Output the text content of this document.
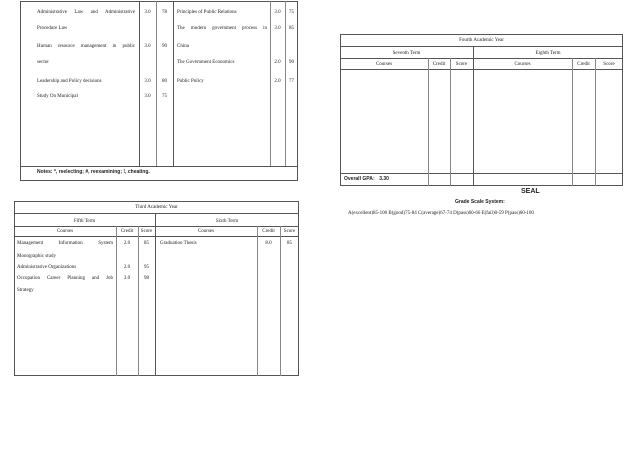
Administrative Law and Administrative	3.0	78
Procedure Law
Human resource management in public	3.0	90
sector
Leadership and Policy decisions	3.0	80
Study On Municipal	3.0	75
Principles of Public Relations	3.0	75
The modern government process in	3.0	85
China
The Government Economics	2.0	90
Public Policy	2.0	77
Notes: *, reelecting; #, reexamining; !, cheating.
Third Academic Year
Fifth Term	Sixth Term
Courses	Credit	Score	Courses	Credit	Score
Management Information System	2.0	85
Monographic study
Administrative Organizations	2.0	95
Occupation Career Planning and Job	3.0	98
Strategy
Graduation Thesis	8.0	85
Fourth Academic Year
Seventh Term	Eighth Term
Courses	Credit	Score	Courses	Credit	Score
Overall GPA： 3.30
SEAL
Grade Scale System:
A(excellent)85-100 B(good)75-84 C(average)67-74 D(pass)60-66 E(fail)0-59 P(pass)60-100
